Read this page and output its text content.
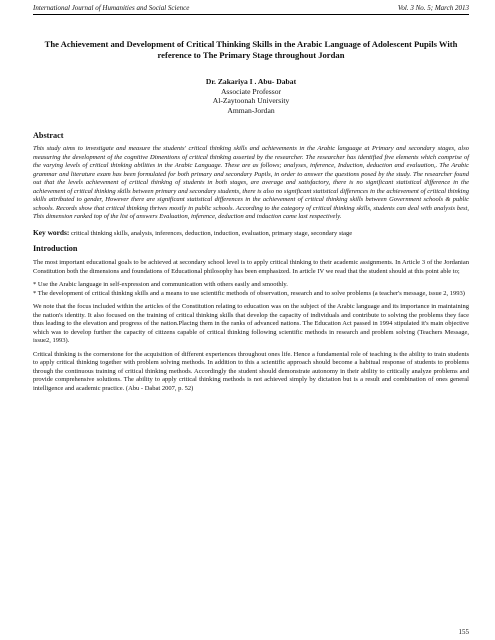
International Journal of Humanities and Social Science	Vol. 3 No. 5; March 2013
The Achievement and Development of Critical Thinking Skills in the Arabic Language of Adolescent Pupils With reference to The Primary Stage throughout Jordan
Dr. Zakariya I . Abu- Dabat
Associate Professor
Al-Zaytoonah University
Amman-Jordan
Abstract

This study aims to investigate and measure the students' critical thinking skills and achievements in the Arabic language at Primary and secondary stages, also measuring the development of the cognitive Dimentions of critical thinking asserted by the researcher. The researcher has identified five elements which comprise of the varying levels of critical thinking abilities in the Arabic Language. These are as follows; analyses, inference, Induction, deduction and evaluation,. The Arabic grammar and literature exam has been formulated for both primary and secondary Pupils, in order to answer the questions posed by the study. The researcher found out that the levels achievement of critical thinking of students in both stages, are average and satisfactory, there is no significant statistical difference in the achievement of critical thinking skills between primary and secondary students, there is also no significant statistical differences in the achievement of critical thinking skills attributed to gender, However there are significant statistical differences in the achievement of critical thinking skills between Government schools & public schools. Records show that critical thinking thrives mostly in public schools. According to the category of critical thinking skills, students can deal with analysis best, This dimension ranked top of the list of answers Evaluation, inference, deduction and induction came last respectively.

Key words: critical thinking skills, analysis, inferences, deduction, induction, evaluation, primary stage, secondary stage

Introduction

The most important educational goals to be achieved at secondary school level is to apply critical thinking to their academic assignments. In Article 3 of the Jordanian Constitution both the dimensions and foundations of Educational philosophy has been emphasized. In article IV we read that the student should at this point able to;

* Use the Arabic language in self-expression and communication with others easily and smoothly.

* The development of critical thinking skills and a means to use scientific methods of observation, research and to solve problems (a teacher's message, issue 2, 1993)

We note that the focus included within the articles of the Constitution relating to education was on the subject of the Arabic language and its importance in maintaining the nation's identity. It also focused on the training of critical thinking skills that develop the capacity of individuals and contribute to solving the problems they face thus leading to the elevation and progress of the nation.Placing them in the ranks of advanced nations. The Education Act passed in 1994 stipulated it's main objective which was to develop further the capacity of citizens capable of critical thinking following scientific methods in research and problem solving (Teachers Message, issue2, 1993).

Critical thinking is the cornerstone for the acquisition of different experiences throughout ones life. Hence a fundamental role of teaching is the ability to train students to apply critical thinking together with problem solving methods. In addition to this a scientific approach should become a habitual response of students to problems through the continuous training of critical thinking methods. Accordingly the student should demonstrate autonomy in their ability to critically analyze problems and provide comprehensive solutions. The ability to apply critical thinking methods is not achieved simply by dictation but is a result and combination of ones general intelligence and academic practice. (Abu - Dabat 2007, p. 52)

155
